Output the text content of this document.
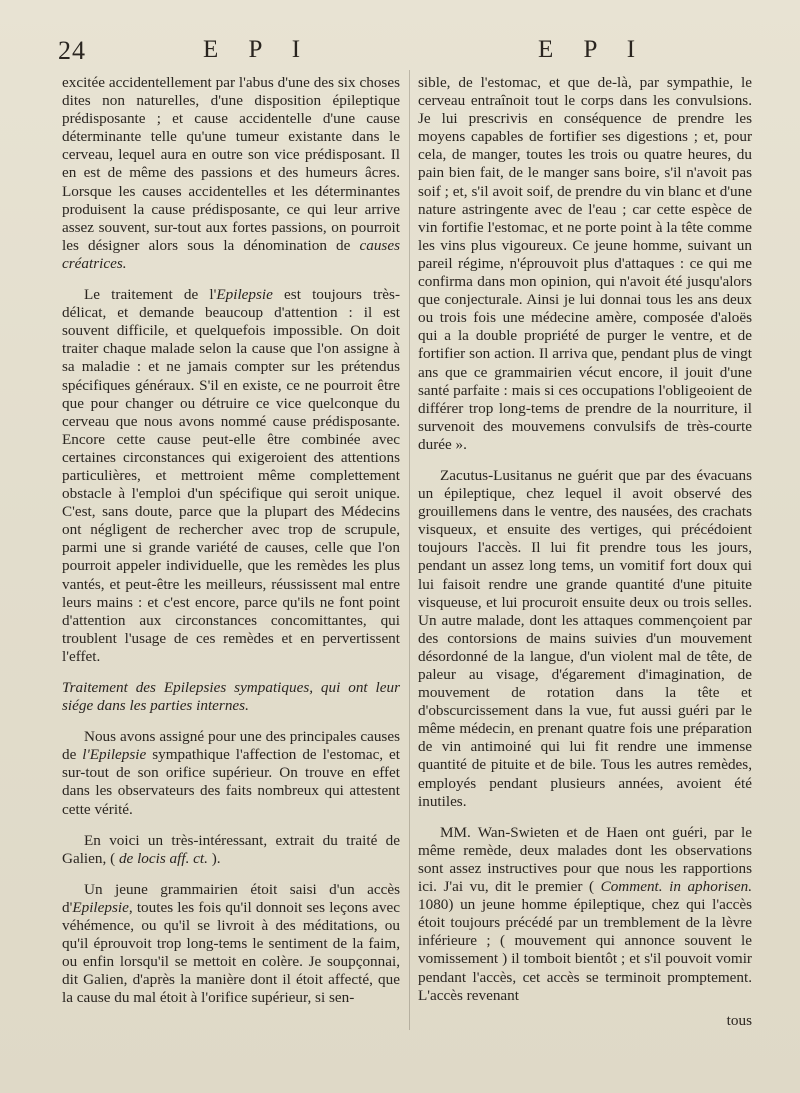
24	E P I	E P I

excitée accidentellement par l'abus d'une des six choses dites non naturelles, d'une disposition épileptique prédisposante ; et cause accidentelle d'une cause déterminante telle qu'une tumeur existante dans le cerveau, lequel aura en outre son vice prédisposant. Il en est de même des passions et des humeurs âcres. Lorsque les causes accidentelles et les déterminantes produisent la cause prédisposante, ce qui leur arrive assez souvent, sur-tout aux fortes passions, on pourroit les désigner alors sous la dénomination de causes créatrices.

Le traitement de l'Epilepsie est toujours très-délicat, et demande beaucoup d'attention : il est souvent difficile, et quelquefois impossible. On doit traiter chaque malade selon la cause que l'on assigne à sa maladie : et ne jamais compter sur les prétendus spécifiques généraux. S'il en existe, ce ne pourroit être que pour changer ou détruire ce vice quelconque du cerveau que nous avons nommé cause prédisposante. Encore cette cause peut-elle être combinée avec certaines circonstances qui exigeroient des attentions particulières, et mettroient même complettement obstacle à l'emploi d'un spécifique qui seroit unique. C'est, sans doute, parce que la plupart des Médecins ont négligent de rechercher avec trop de scrupule, parmi une si grande variété de causes, celle que l'on pourroit appeler individuelle, que les remèdes les plus vantés, et peut-être les meilleurs, réussissent mal entre leurs mains : et c'est encore, parce qu'ils ne font point d'attention aux circonstances concomittantes, qui troublent l'usage de ces remèdes et en pervertissent l'effet.

Traitement des Epilepsies sympatiques, qui ont leur siége dans les parties internes.

Nous avons assigné pour une des principales causes de l'Epilepsie sympathique l'affection de l'estomac, et sur-tout de son orifice supérieur. On trouve en effet dans les observateurs des faits nombreux qui attestent cette vérité.

En voici un très-intéressant, extrait du traité de Galien, ( de locis aff. ct. ).

Un jeune grammairien étoit saisi d'un accès d'Epilepsie, toutes les fois qu'il donnoit ses leçons avec véhémence, ou qu'il se livroit à des méditations, ou qu'il éprouvoit trop long-tems le sentiment de la faim, ou enfin lorsqu'il se mettoit en colère. Je soupçonnai, dit Galien, d'après la manière dont il étoit affecté, que la cause du mal étoit à l'orifice supérieur, si sen-

sible, de l'estomac, et que de-là, par sympathie, le cerveau entraînoit tout le corps dans les convulsions. Je lui prescrivis en conséquence de prendre les moyens capables de fortifier ses digestions ; et, pour cela, de manger, toutes les trois ou quatre heures, du pain bien fait, de le manger sans boire, s'il n'avoit pas soif ; et, s'il avoit soif, de prendre du vin blanc et d'une nature astringente avec de l'eau ; car cette espèce de vin fortifie l'estomac, et ne porte point à la tête comme les vins plus vigoureux. Ce jeune homme, suivant un pareil régime, n'éprouvoit plus d'attaques : ce qui me confirma dans mon opinion, qui n'avoit été jusqu'alors que conjecturale. Ainsi je lui donnai tous les ans deux ou trois fois une médecine amère, composée d'aloës qui a la double propriété de purger le ventre, et de fortifier son action. Il arriva que, pendant plus de vingt ans que ce grammairien vécut encore, il jouit d'une santé parfaite : mais si ces occupations l'obligeoient de différer trop long-tems de prendre de la nourriture, il survenoit des mouvemens convulsifs de très-courte durée ».

Zacutus-Lusitanus ne guérit que par des évacuans un épileptique, chez lequel il avoit observé des grouillemens dans le ventre, des nausées, des crachats visqueux, et ensuite des vertiges, qui précédoient toujours l'accès. Il lui fit prendre tous les jours, pendant un assez long tems, un vomitif fort doux qui lui faisoit rendre une grande quantité d'une pituite visqueuse, et lui procuroit ensuite deux ou trois selles. Un autre malade, dont les attaques commençoient par des contorsions de mains suivies d'un mouvement désordonné de la langue, d'un violent mal de tête, de paleur au visage, d'égarement d'imagination, de mouvement de rotation dans la tête et d'obscurcissement dans la vue, fut aussi guéri par le même médecin, en prenant quatre fois une préparation de vin antimoiné qui lui fit rendre une immense quantité de pituite et de bile. Tous les autres remèdes, employés pendant plusieurs années, avoient été inutiles.

MM. Wan-Swieten et de Haen ont guéri, par le même remède, deux malades dont les observations sont assez instructives pour que nous les rapportions ici. J'ai vu, dit le premier ( Comment. in aphorisen. 1080) un jeune homme épileptique, chez qui l'accès étoit toujours précédé par un tremblement de la lèvre inférieure ; ( mouvement qui annonce souvent le vomissement ) il tomboit bientôt ; et s'il pouvoit vomir pendant l'accès, cet accès se terminoit promptement. L'accès revenant

tous
